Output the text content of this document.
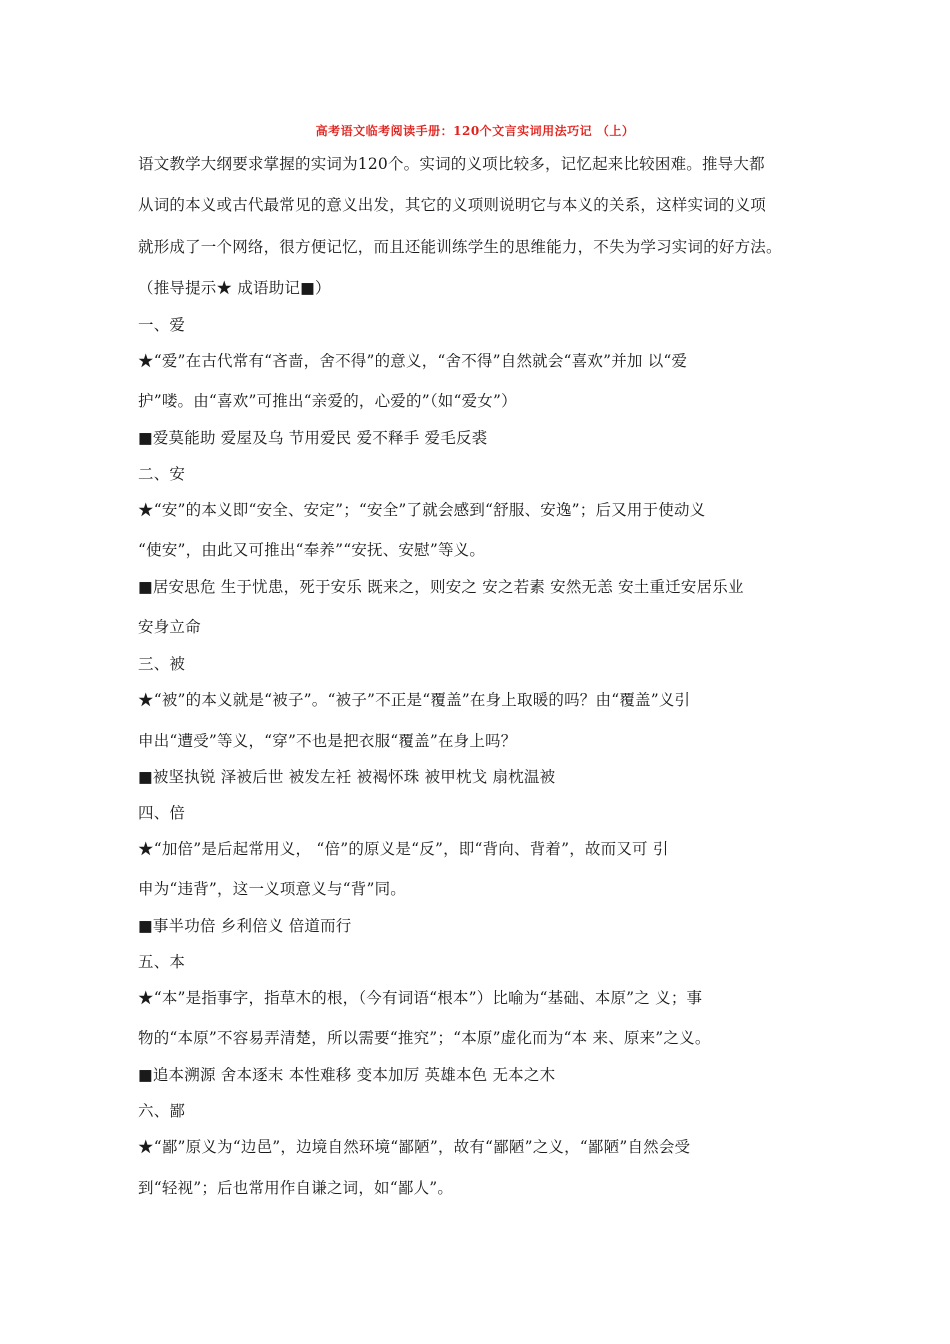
高考语文临考阅读手册：120个文言实词用法巧记 （上）
语文教学大纲要求掌握的实词为120个。实词的义项比较多，记忆起来比较困难。推导大都
从词的本义或古代最常见的意义出发，其它的义项则说明它与本义的关系，这样实词的义项
就形成了一个网络，很方便记忆，而且还能训练学生的思维能力，不失为学习实词的好方法。
（推导提示★ 成语助记■）
一、爱
★“爱”在古代常有“吝啬，舍不得”的意义，“舍不得”自然就会“喜欢”并加 以“爱
护”喽。由“喜欢”可推出“亲爱的，心爱的”（如“爱女”）
■爱莫能助 爱屋及乌 节用爱民 爱不释手 爱毛反裘
二、安
★“安”的本义即“安全、安定”；“安全”了就会感到“舒服、安逸”；后又用于使动义
“使安”，由此又可推出“奉养”“安抚、安慰”等义。
■居安思危 生于忧患，死于安乐 既来之，则安之 安之若素 安然无恙 安土重迁安居乐业
安身立命
三、被
★“被”的本义就是“被子”。“被子”不正是“覆盖”在身上取暖的吗？由“覆盖”义引
申出“遭受”等义，“穿”不也是把衣服“覆盖”在身上吗？
■被坚执锐 泽被后世 被发左衽 被褐怀珠 被甲枕戈 扇枕温被
四、倍
★“加倍”是后起常用义， “倍”的原义是“反”，即“背向、背着”，故而又可 引
申为“违背”，这一义项意义与“背”同。
■事半功倍 乡利倍义 倍道而行
五、本
★“本”是指事字，指草木的根，（今有词语“根本”）比喻为“基础、本原”之 义；事
物的“本原”不容易弄清楚，所以需要“推究”；“本原”虚化而为“本 来、原来”之义。
■追本溯源 舍本逐末 本性难移 变本加厉 英雄本色 无本之木
六、鄙
★“鄙”原义为“边邑”，边境自然环境“鄙陋”，故有“鄙陋”之义，“鄙陋”自然会受
到“轻视”；后也常用作自谦之词，如“鄙人”。
